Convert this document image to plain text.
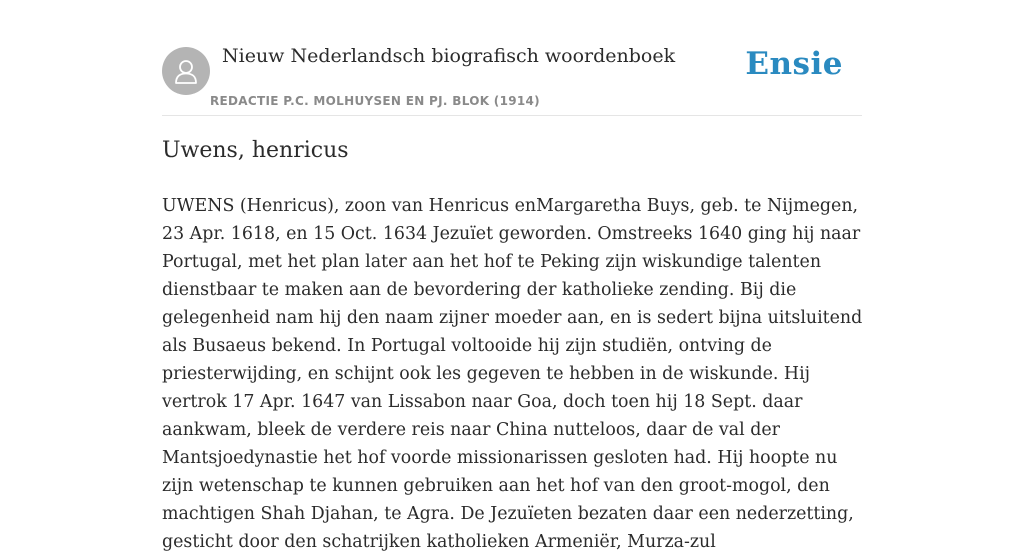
Nieuw Nederlandsch biografisch woordenboek
REDACTIE P.C. MOLHUYSEN EN PJ. BLOK (1914)
Ensie
Uwens, henricus

UWENS (Henricus), zoon van Henricus enMargaretha Buys, geb. te Nijmegen, 23 Apr. 1618, en 15 Oct. 1634 Jezuïet geworden. Omstreeks 1640 ging hij naar Portugal, met het plan later aan het hof te Peking zijn wiskundige talenten dienstbaar te maken aan de bevordering der katholieke zending. Bij die gelegenheid nam hij den naam zijner moeder aan, en is sedert bijna uitsluitend als Busaeus bekend. In Portugal voltooide hij zijn studiën, ontving de priesterwijding, en schijnt ook les gegeven te hebben in de wiskunde. Hij vertrok 17 Apr. 1647 van Lissabon naar Goa, doch toen hij 18 Sept. daar aankwam, bleek de verdere reis naar China nutteloos, daar de val der Mantsjoedynastie het hof voorde missionarissen gesloten had. Hij hoopte nu zijn wetenschap te kunnen gebruiken aan het hof van den groot-mogol, den machtigen Shah Djahan, te Agra. De Jezuïeten bezaten daar een nederzetting, gesticht door den schatrijken katholieken Armeniër, Murza-zul
